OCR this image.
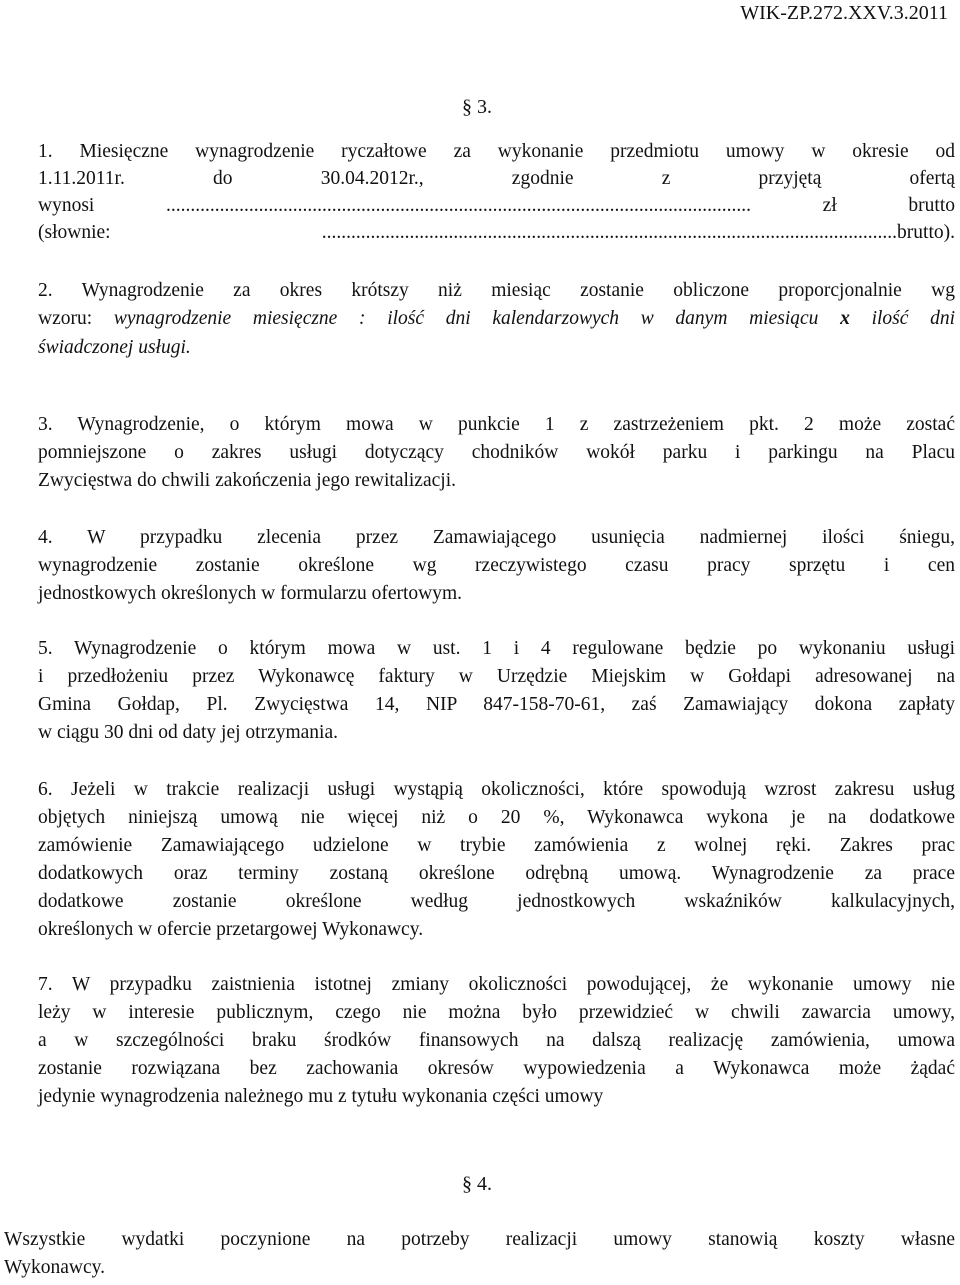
WIK-ZP.272.XXV.3.2011
§ 3.
1. Miesięczne wynagrodzenie ryczałtowe za wykonanie przedmiotu umowy w okresie od
1.11.2011r. do 30.04.2012r., zgodnie z przyjętą ofertą
wynosi ........................................................................................................................ zł brutto
(słownie: ......................................................................................................................brutto).
2. Wynagrodzenie za okres krótszy niż miesiąc zostanie obliczone proporcjonalnie wg
wzoru: wynagrodzenie miesięczne : ilość dni kalendarzowych w danym miesiącu x ilość dni
świadczonej usługi.
3. Wynagrodzenie, o którym mowa w punkcie 1 z zastrzeżeniem pkt. 2 może zostać
pomniejszone o zakres usługi dotyczący chodników wokół parku i parkingu na Placu
Zwycięstwa do chwili zakończenia jego rewitalizacji.
4. W przypadku zlecenia przez Zamawiającego usunięcia nadmiernej ilości śniegu,
wynagrodzenie zostanie określone wg rzeczywistego czasu pracy sprzętu i cen
jednostkowych określonych w formularzu ofertowym.
5. Wynagrodzenie o którym mowa w ust. 1 i 4 regulowane będzie po wykonaniu usługi
i przedłożeniu przez Wykonawcę faktury w Urzędzie Miejskim w Gołdapi adresowanej na
Gmina Gołdap, Pl. Zwycięstwa 14, NIP 847-158-70-61, zaś Zamawiający dokona zapłaty
w ciągu 30 dni od daty jej otrzymania.
6. Jeżeli w trakcie realizacji usługi wystąpią okoliczności, które spowodują wzrost zakresu usług
objętych niniejszą umową nie więcej niż o 20 %, Wykonawca wykona je na dodatkowe
zamówienie Zamawiającego udzielone w trybie zamówienia z wolnej ręki. Zakres prac
dodatkowych oraz terminy zostaną określone odrębną umową. Wynagrodzenie za prace
dodatkowe zostanie określone według jednostkowych wskaźników kalkulacyjnych,
określonych w ofercie przetargowej Wykonawcy.
7. W przypadku zaistnienia istotnej zmiany okoliczności powodującej, że wykonanie umowy nie
leży w interesie publicznym, czego nie można było przewidzieć w chwili zawarcia umowy,
a w szczególności braku środków finansowych na dalszą realizację zamówienia, umowa
zostanie rozwiązana bez zachowania okresów wypowiedzenia a Wykonawca może żądać
jedynie wynagrodzenia należnego mu z tytułu wykonania części umowy
§ 4.
Wszystkie wydatki poczynione na potrzeby realizacji umowy stanowią koszty własne
Wykonawcy.
